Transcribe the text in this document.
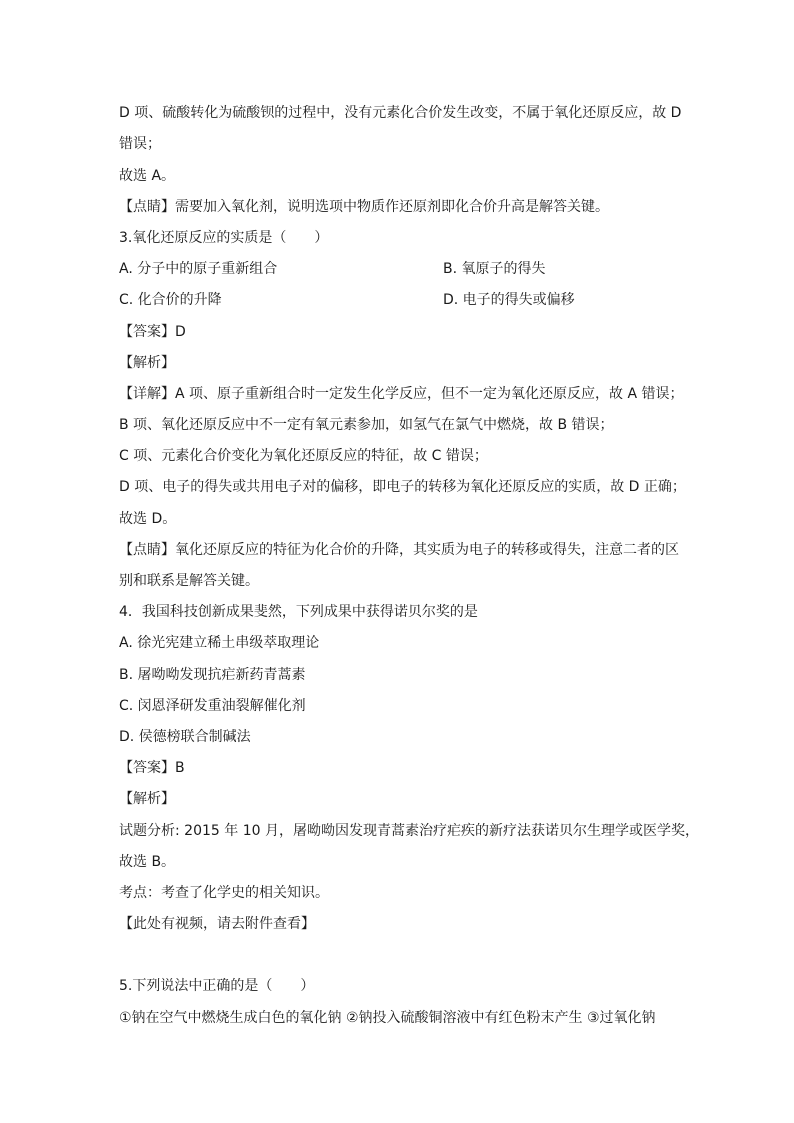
D 项、硫酸转化为硫酸钡的过程中，没有元素化合价发生改变，不属于氧化还原反应，故 D
错误；
故选 A。
【点睛】需要加入氧化剂，说明选项中物质作还原剂即化合价升高是解答关键。
3.氧化还原反应的实质是（　　）
A. 分子中的原子重新组合	B. 氧原子的得失
C. 化合价的升降	D. 电子的得失或偏移
【答案】D
【解析】
【详解】A 项、原子重新组合时一定发生化学反应，但不一定为氧化还原反应，故 A 错误；
B 项、氧化还原反应中不一定有氧元素参加，如氢气在氯气中燃烧，故 B 错误；
C 项、元素化合价变化为氧化还原反应的特征，故 C 错误；
D 项、电子的得失或共用电子对的偏移，即电子的转移为氧化还原反应的实质，故 D 正确；
故选 D。
【点睛】氧化还原反应的特征为化合价的升降，其实质为电子的转移或得失，注意二者的区
别和联系是解答关键。
4．我国科技创新成果斐然，下列成果中获得诺贝尔奖的是
A. 徐光宪建立稀土串级萃取理论
B. 屠呦呦发现抗疟新药青蒿素
C. 闵恩泽研发重油裂解催化剂
D. 侯德榜联合制碱法
【答案】B
【解析】
试题分析: 2015 年 10 月，屠呦呦因发现青蒿素治疗疟疾的新疗法获诺贝尔生理学或医学奖，
故选 B。
考点：考查了化学史的相关知识。
【此处有视频，请去附件查看】
5.下列说法中正确的是（　　）
①钠在空气中燃烧生成白色的氧化钠 ②钠投入硫酸铜溶液中有红色粉末产生 ③过氧化钠
